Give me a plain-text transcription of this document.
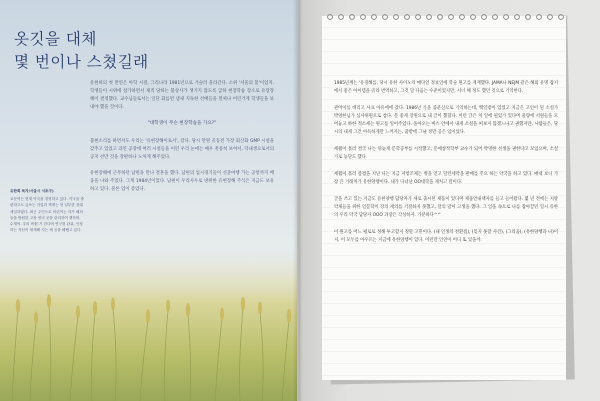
옷깃을 대체
몇 번이나 스쳤길래

유현희의 첫 만연은 아학 시절, 그리나라 1981년으로 거슬러 올라간다. 소위 '서울의 봄'이었지. 학생들이 시위에 참가하면서 제적 당하는 불상사가 생기지 않도록 급하 현장학습 장소로 유랑장해이 결정했다. 교수님들로서는 일단 화를면 냄새 지독한 선배들을 멀찌나 어린거게 학생들을 보내야 했을 것이다.

"대학생이 무슨 현장학습을 가요?"

불현소리를 하면서도 우리는 '유현장해이로서', 갔다. 당시 만원 골동전 가장 회산화 GMP 시설을 갖추고 있었고 과연 공장에 여러 시설들을 이런 우리 눈에는 매우 흥롱히 보여서, 덕내생으로서의 공지 선만 것을 장판하나 노처게 해주었다.

유현장해에 근무하던 남편을 만나 결혼을 했다. 남편의 입시경기들이 선준여행 가는 공항까지 배웅을 나와 주었다. 그게 1984년이었다. 남편이 우리사우로 방위한 유현장해 주식은 지금도 보유하고 있다. 물론 엄이 증었다.

유한희 독자/서울시 서초구)
교문여는 현재 약국을 경영하고 있다. 약국을 출판하고도 글쓰는 거업과 잭재는 현 일부한 전래 세일하였다. 최근 주인으로 어린이는 자가 해져들을 방원한 고장 영리 곳을 관리하여 쟁하며, 수재씨. 우리 써쉽 거 한다며 연구를 관위, 인정하는 적신이 세재해 지는 새 공을 해댔고 있다.

1985년께는 '유경해를, 당시 유한 사이노의 매다얻 정보인에 학술 원고를 게재했다. JAMA나 NEJM 같은 해외 유명 잡지에서 좋은 아이템을 골라 번역하고, 그것 달 다음는 수준이었지만, 서너 해 정도 했던 것으로 기억한다.

관어이를 데리고 사표 아유에에 갔다. 1986년 가을 콤분산으로 기억하는데, 백일밖이 있었고 지금은 고인이 된 소설가 박영한님가 심사위원으로 참다. 문 좋게 장원으로 내 글이 뽑혔다. 이런 글은 처 일에 될었가 있다며 물량에 서원들을 모어놓고 하한 적소세는 원고를 일어주었다. 돌아오는 버스 안에서 내게 소설을 써보지 않겠느냐고 권했지만, 사람들은, 당시의 내게 그건 아득하게만 느껴지는, 꿈밭에 그냥 정말 공은 임이었다.

세월이 흘러 결국 나는 뒤늦게 문학공부를 시작했고, 문예창작학부 교수가 되어 박영한 선생을 권한다고 모임으며, 소설가로 등단도 했다.

세월이 흘러 좀겹을 지난 나는 지금 저항조제는 병을 얻고 달린세약을 판매를 주요 하는 약국을 하고 있다. 매대 보니 가장 큰 거래처가 유한양행이다. 내가 다녀난 OO대학을 제처고 말이다.

글을 쓰고 있는 지금도 유한양행 담당자가 새로 출시된 제품이 있다며 제품안내책자를 들고 들어왔다. 몇 년 전에는 지방 약제들을 위한 인문학이 강의 재의를 거절하지 못했고, 달의 말이 고생을 했다. 그 일을 속으로 나를 잡아끌던 일시 유한의 우리 약국 담당자 OOO 과장은 각성하자. 가분하다^^

이 원고를 어느 평로로 정해 투고할지 정말 고민이다. (내 인생의 전환점), (잊지 못할 사건), (그리움), (유한양행과 나)이지, 이 모두를 아우르는 지금에 유한양행이 있다. 이런만 인연이 어디 또 있을까.
